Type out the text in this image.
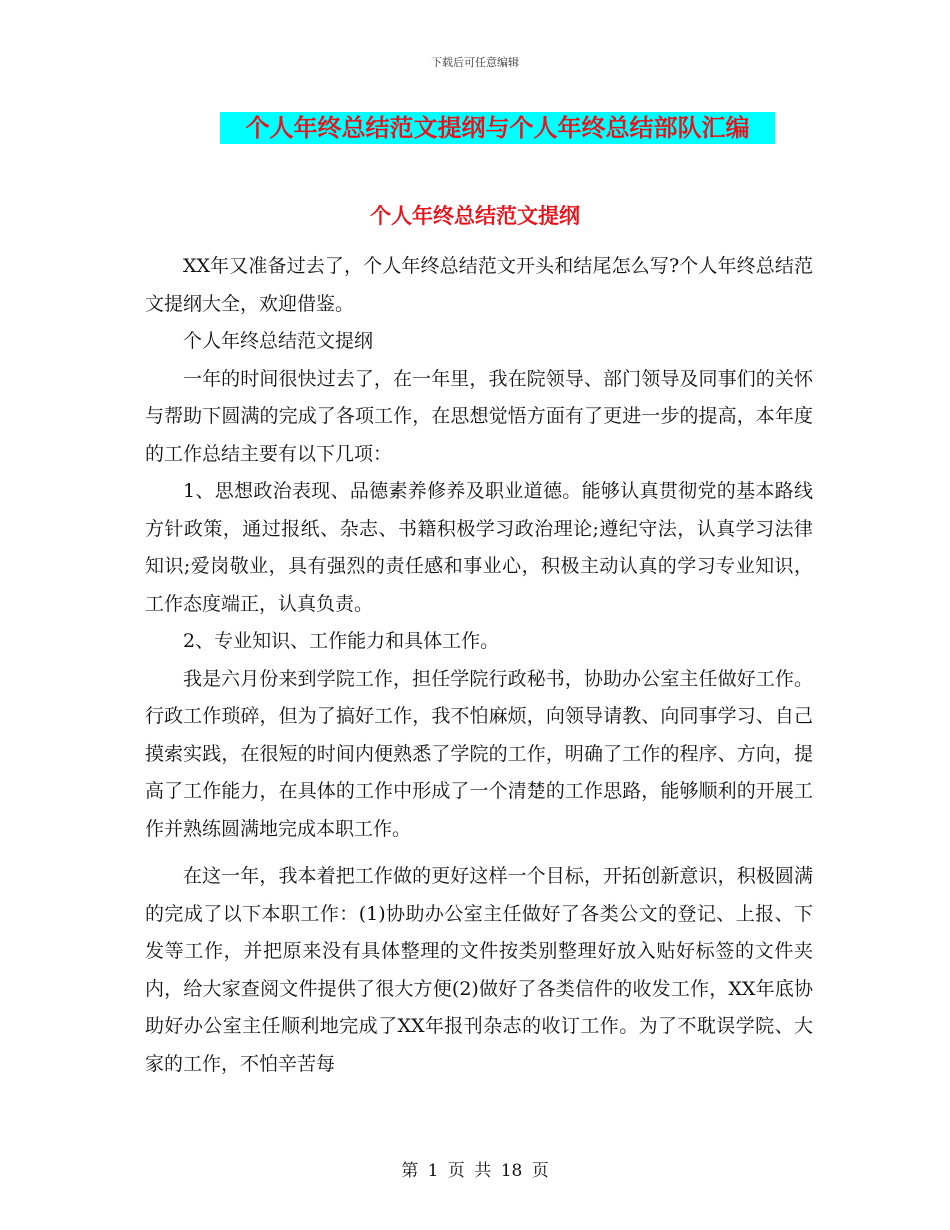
下载后可任意编辑
个人年终总结范文提纲与个人年终总结部队汇编
个人年终总结范文提纲

XX年又准备过去了，个人年终总结范文开头和结尾怎么写?个人年终总结范文提纲大全，欢迎借鉴。

个人年终总结范文提纲

一年的时间很快过去了，在一年里，我在院领导、部门领导及同事们的关怀与帮助下圆满的完成了各项工作，在思想觉悟方面有了更进一步的提高，本年度的工作总结主要有以下几项：

1、思想政治表现、品德素养修养及职业道德。能够认真贯彻党的基本路线方针政策，通过报纸、杂志、书籍积极学习政治理论;遵纪守法，认真学习法律知识;爱岗敬业，具有强烈的责任感和事业心，积极主动认真的学习专业知识，工作态度端正，认真负责。

2、专业知识、工作能力和具体工作。

我是六月份来到学院工作，担任学院行政秘书，协助办公室主任做好工作。行政工作琐碎，但为了搞好工作，我不怕麻烦，向领导请教、向同事学习、自己摸索实践，在很短的时间内便熟悉了学院的工作，明确了工作的程序、方向，提高了工作能力，在具体的工作中形成了一个清楚的工作思路，能够顺利的开展工作并熟练圆满地完成本职工作。

在这一年，我本着把工作做的更好这样一个目标，开拓创新意识，积极圆满的完成了以下本职工作：(1)协助办公室主任做好了各类公文的登记、上报、下发等工作，并把原来没有具体整理的文件按类别整理好放入贴好标签的文件夹内，给大家查阅文件提供了很大方便(2)做好了各类信件的收发工作，XX年底协助好办公室主任顺利地完成了XX年报刊杂志的收订工作。为了不耽误学院、大家的工作，不怕辛苦每

第 1 页 共 18 页
